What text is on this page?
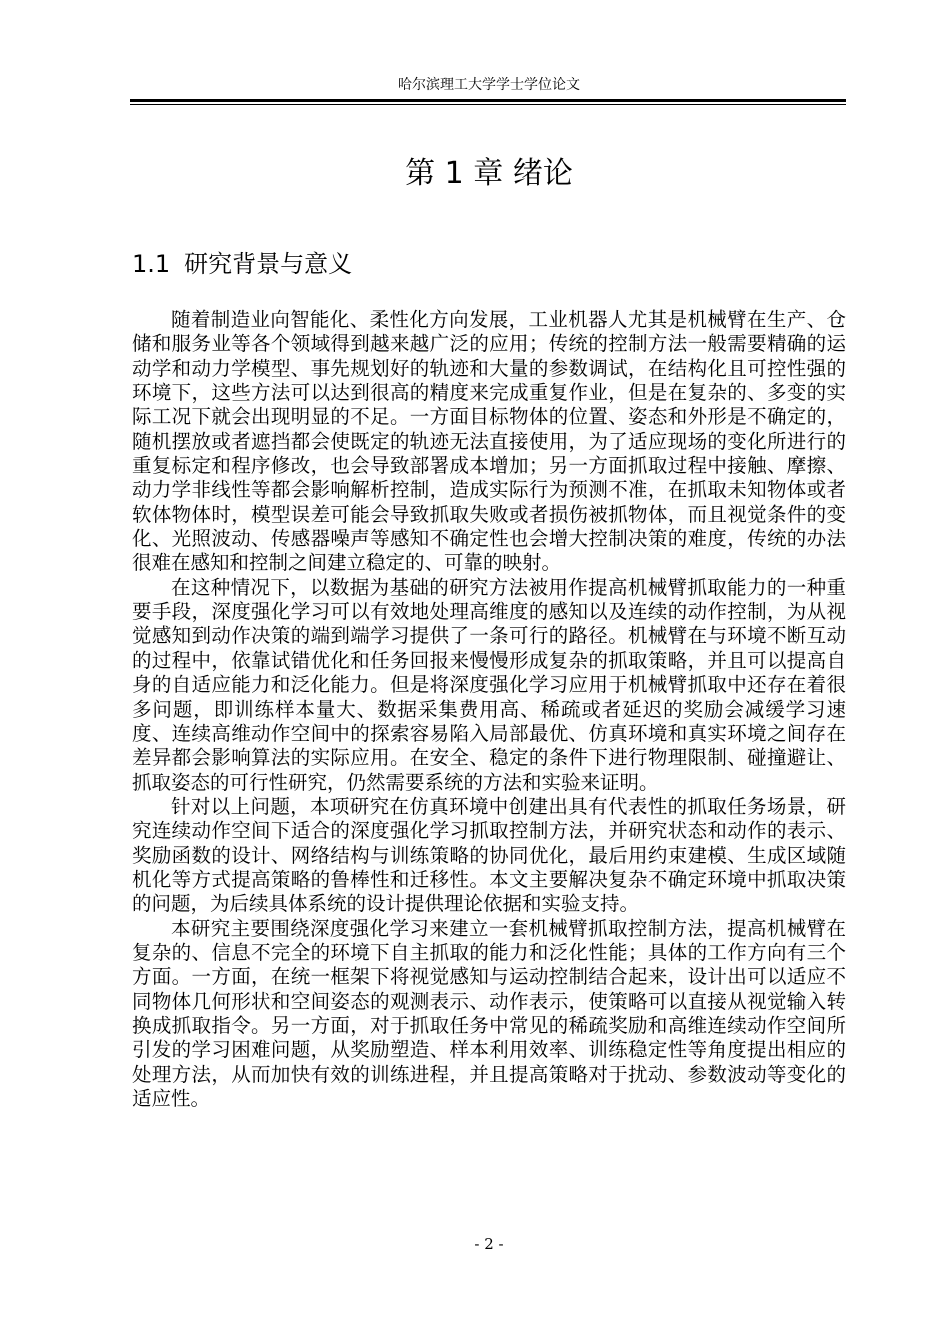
哈尔滨理工大学学士学位论文
第 1 章 绪论
1.1 研究背景与意义

随着制造业向智能化、柔性化方向发展，工业机器人尤其是机械臂在生产、仓储和服务业等各个领域得到越来越广泛的应用；传统的控制方法一般需要精确的运动学和动力学模型、事先规划好的轨迹和大量的参数调试，在结构化且可控性强的环境下，这些方法可以达到很高的精度来完成重复作业，但是在复杂的、多变的实际工况下就会出现明显的不足。一方面目标物体的位置、姿态和外形是不确定的，随机摆放或者遮挡都会使既定的轨迹无法直接使用，为了适应现场的变化所进行的重复标定和程序修改，也会导致部署成本增加；另一方面抓取过程中接触、摩擦、动力学非线性等都会影响解析控制，造成实际行为预测不准，在抓取未知物体或者软体物体时，模型误差可能会导致抓取失败或者损伤被抓物体，而且视觉条件的变化、光照波动、传感器噪声等感知不确定性也会增大控制决策的难度，传统的办法很难在感知和控制之间建立稳定的、可靠的映射。

在这种情况下，以数据为基础的研究方法被用作提高机械臂抓取能力的一种重要手段，深度强化学习可以有效地处理高维度的感知以及连续的动作控制，为从视觉感知到动作决策的端到端学习提供了一条可行的路径。机械臂在与环境不断互动的过程中，依靠试错优化和任务回报来慢慢形成复杂的抓取策略，并且可以提高自身的自适应能力和泛化能力。但是将深度强化学习应用于机械臂抓取中还存在着很多问题，即训练样本量大、数据采集费用高、稀疏或者延迟的奖励会减缓学习速度、连续高维动作空间中的探索容易陷入局部最优、仿真环境和真实环境之间存在差异都会影响算法的实际应用。在安全、稳定的条件下进行物理限制、碰撞避让、抓取姿态的可行性研究，仍然需要系统的方法和实验来证明。

针对以上问题，本项研究在仿真环境中创建出具有代表性的抓取任务场景，研究连续动作空间下适合的深度强化学习抓取控制方法，并研究状态和动作的表示、奖励函数的设计、网络结构与训练策略的协同优化，最后用约束建模、生成区域随机化等方式提高策略的鲁棒性和迁移性。本文主要解决复杂不确定环境中抓取决策的问题，为后续具体系统的设计提供理论依据和实验支持。

本研究主要围绕深度强化学习来建立一套机械臂抓取控制方法，提高机械臂在复杂的、信息不完全的环境下自主抓取的能力和泛化性能；具体的工作方向有三个方面。一方面，在统一框架下将视觉感知与运动控制结合起来，设计出可以适应不同物体几何形状和空间姿态的观测表示、动作表示，使策略可以直接从视觉输入转换成抓取指令。另一方面，对于抓取任务中常见的稀疏奖励和高维连续动作空间所引发的学习困难问题，从奖励塑造、样本利用效率、训练稳定性等角度提出相应的处理方法，从而加快有效的训练进程，并且提高策略对于扰动、参数波动等变化的适应性。

- 2 -
